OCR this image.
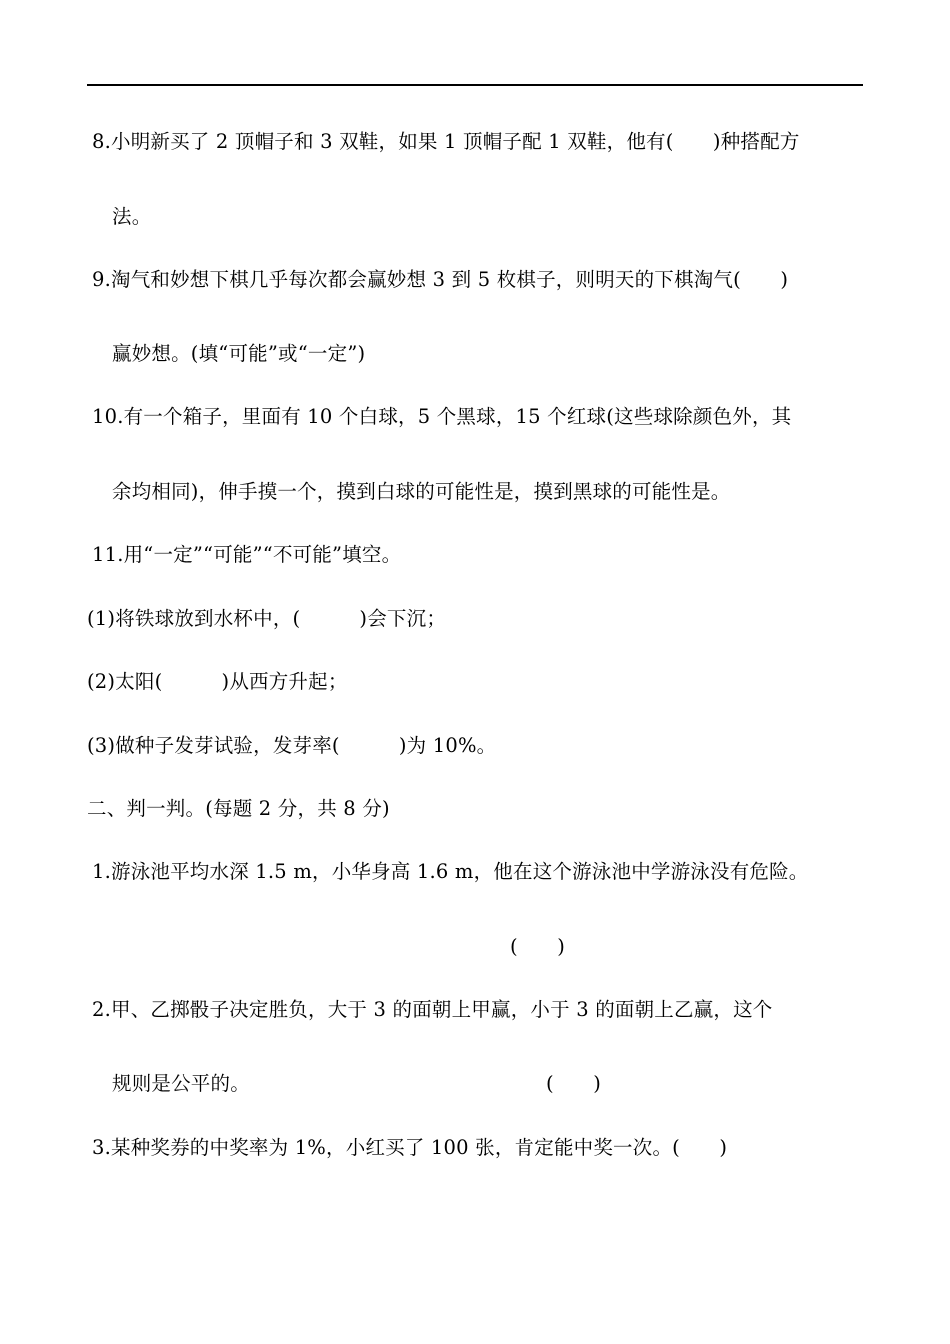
8.小明新买了 2 顶帽子和 3 双鞋，如果 1 顶帽子配 1 双鞋，他有(　　)种搭配方
法。
9.淘气和妙想下棋几乎每次都会赢妙想 3 到 5 枚棋子，则明天的下棋淘气(　　)
赢妙想。(填“可能”或“一定”)
10.有一个箱子，里面有 10 个白球，5 个黑球，15 个红球(这些球除颜色外，其
余均相同)，伸手摸一个，摸到白球的可能性是，摸到黑球的可能性是。
11.用“一定”“可能”“不可能”填空。
(1)将铁球放到水杯中，(　　　)会下沉；
(2)太阳(　　　)从西方升起；
(3)做种子发芽试验，发芽率(　　　)为 10%。
二、判一判。(每题 2 分，共 8 分)
1.游泳池平均水深 1.5 m，小华身高 1.6 m，他在这个游泳池中学游泳没有危险。
(　　)
2.甲、乙掷骰子决定胜负，大于 3 的面朝上甲赢，小于 3 的面朝上乙赢，这个
规则是公平的。	(　　)
3.某种奖券的中奖率为 1%，小红买了 100 张，肯定能中奖一次。(　　)
